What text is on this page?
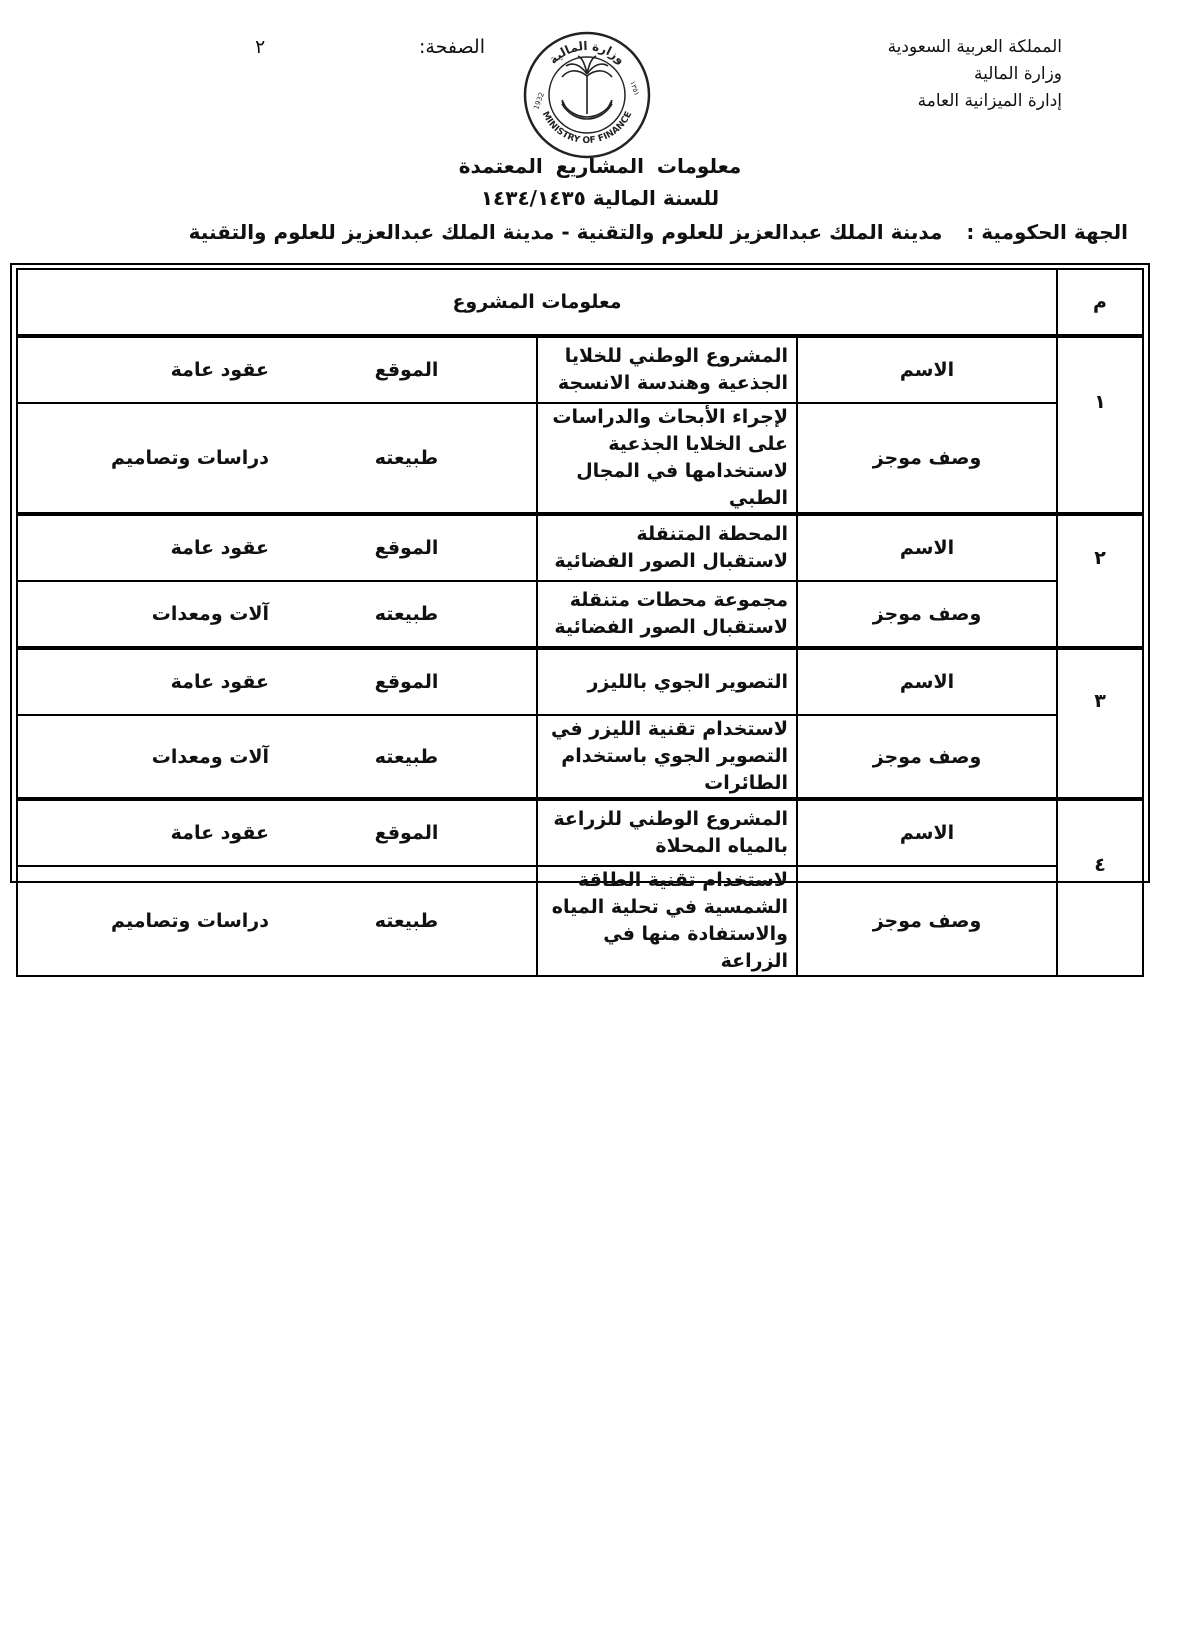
المملكة العربية السعودية
وزارة المالية
إدارة الميزانية العامة
الصفحة:
٢
وزارة المالية
MINISTRY OF FINANCE
1932
١٣٥١
معلومات المشاريع المعتمدة
للسنة المالية ١٤٣٤/١٤٣٥
الجهة الحكومية :مدينة الملك عبدالعزيز للعلوم والتقنية - مدينة الملك عبدالعزيز للعلوم والتقنية
م	معلومات المشروع			

١	الاسم	المشروع الوطني للخلايا الجذعية وهندسة الانسجة	الموقع	عقود عامة
	وصف موجز	لإجراء الأبحاث والدراسات على الخلايا الجذعية لاستخدامها في المجال الطبي	طبيعته	دراسات وتصاميم

٢	الاسم	المحطة المتنقلة لاستقبال الصور الفضائية	الموقع	عقود عامة
	وصف موجز	مجموعة محطات متنقلة لاستقبال الصور الفضائية	طبيعته	آلات ومعدات

٣	الاسم	التصوير الجوي بالليزر	الموقع	عقود عامة
	وصف موجز	لاستخدام تقنية الليزر في التصوير الجوي باستخدام الطائرات	طبيعته	آلات ومعدات

٤	الاسم	المشروع الوطني للزراعة بالمياه المحلاة	الموقع	عقود عامة
	وصف موجز	لاستخدام تقنية الطاقة الشمسية في تحلية المياه والاستفادة منها في الزراعة	طبيعته	دراسات وتصاميم
